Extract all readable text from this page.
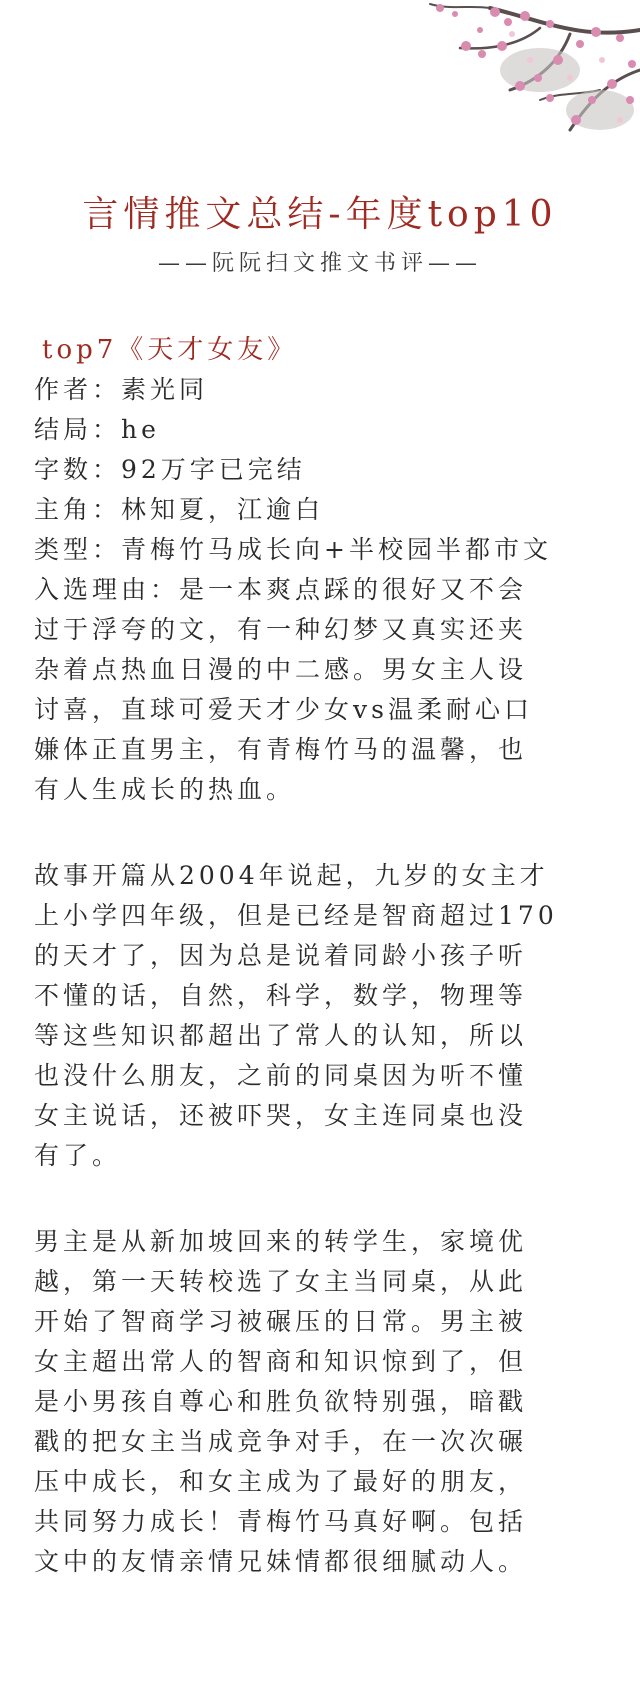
言情推文总结-年度top10
——阮阮扫文推文书评——
top7《天才女友》
作者：素光同
结局：he
字数：92万字已完结
主角：林知夏，江逾白
类型：青梅竹马成长向+半校园半都市文
入选理由：是一本爽点踩的很好又不会
过于浮夸的文，有一种幻梦又真实还夹
杂着点热血日漫的中二感。男女主人设
讨喜，直球可爱天才少女vs温柔耐心口
嫌体正直男主，有青梅竹马的温馨，也
有人生成长的热血。
故事开篇从2004年说起，九岁的女主才
上小学四年级，但是已经是智商超过170
的天才了，因为总是说着同龄小孩子听
不懂的话，自然，科学，数学，物理等
等这些知识都超出了常人的认知，所以
也没什么朋友，之前的同桌因为听不懂
女主说话，还被吓哭，女主连同桌也没
有了。
男主是从新加坡回来的转学生，家境优
越，第一天转校选了女主当同桌，从此
开始了智商学习被碾压的日常。男主被
女主超出常人的智商和知识惊到了，但
是小男孩自尊心和胜负欲特别强，暗戳
戳的把女主当成竞争对手，在一次次碾
压中成长，和女主成为了最好的朋友，
共同努力成长！青梅竹马真好啊。包括
文中的友情亲情兄妹情都很细腻动人。
